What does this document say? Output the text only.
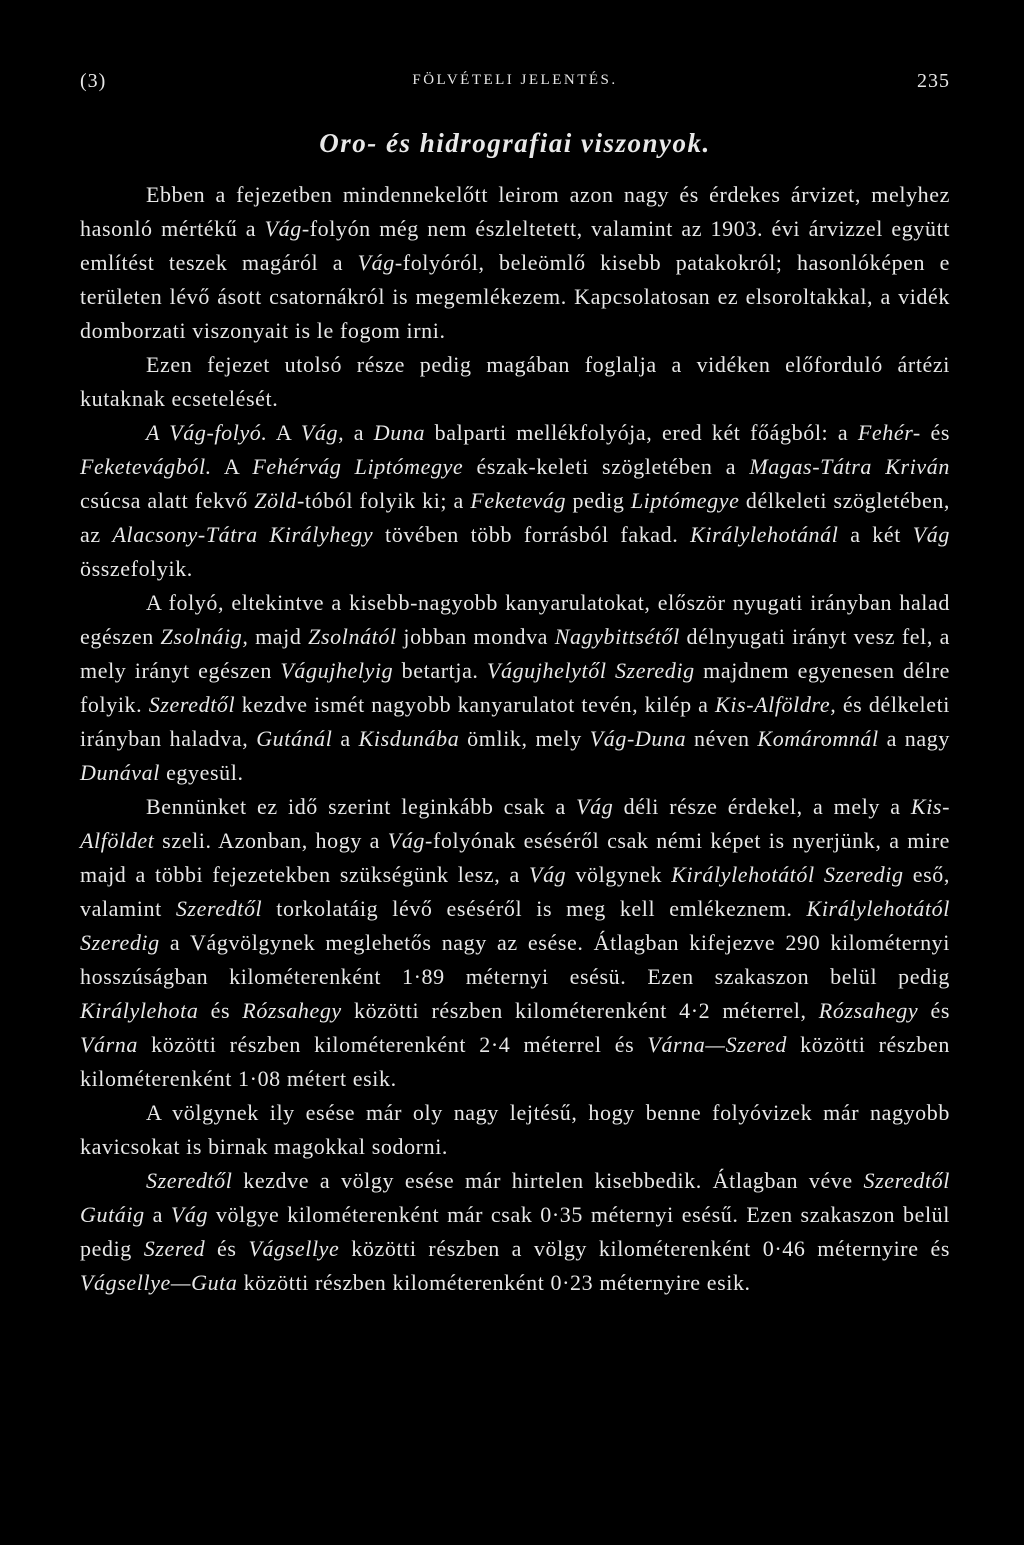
(3)	FÖLVÉTELI JELENTÉS.	235
Oro- és hidrografiai viszonyok.

Ebben a fejezetben mindennekelőtt leirom azon nagy és érdekes árvizet, melyhez hasonló mértékű a Vág-folyón még nem észleltetett, valamint az 1903. évi árvizzel együtt említést teszek magáról a Vág-folyóról, beleömlő kisebb patakokról; hasonlóképen e területen lévő ásott csatornákról is megemlékezem. Kapcsolatosan ez elsoroltakkal, a vidék domborzati viszonyait is le fogom irni.

Ezen fejezet utolsó része pedig magában foglalja a vidéken előforduló ártézi kutaknak ecsetelését.

A Vág-folyó. A Vág, a Duna balparti mellékfolyója, ered két főágból: a Fehér- és Feketevágból. A Fehérvág Liptómegye észak-keleti szögletében a Magas-Tátra Kriván csúcsa alatt fekvő Zöld-tóból folyik ki; a Feketevág pedig Liptómegye délkeleti szögletében, az Alacsony-Tátra Királyhegy tövében több forrásból fakad. Királylehotánál a két Vág összefolyik.

A folyó, eltekintve a kisebb-nagyobb kanyarulatokat, először nyugati irányban halad egészen Zsolnáig, majd Zsolnától jobban mondva Nagybittsétől délnyugati irányt vesz fel, a mely irányt egészen Vágujhelyig betartja. Vágujhelytől Szeredig majdnem egyenesen délre folyik. Szeredtől kezdve ismét nagyobb kanyarulatot tevén, kilép a Kis-Alföldre, és délkeleti irányban haladva, Gutánál a Kisdunába ömlik, mely Vág-Duna néven Komáromnál a nagy Dunával egyesül.

Bennünket ez idő szerint leginkább csak a Vág déli része érdekel, a mely a Kis-Alföldet szeli. Azonban, hogy a Vág-folyónak eséséről csak némi képet is nyerjünk, a mire majd a többi fejezetekben szükségünk lesz, a Vág völgynek Királylehotától Szeredig eső, valamint Szeredtől torkolatáig lévő eséséről is meg kell emlékeznem. Királylehotától Szeredig a Vágvölgynek meglehetős nagy az esése. Átlagban kifejezve 290 kilométernyi hosszúságban kilométerenként 1·89 méternyi esésü. Ezen szakaszon belül pedig Királylehota és Rózsahegy közötti részben kilométerenként 4·2 méterrel, Rózsahegy és Várna közötti részben kilométerenként 2·4 méterrel és Várna—Szered közötti részben kilométerenként 1·08 métert esik.

A völgynek ily esése már oly nagy lejtésű, hogy benne folyóvizek már nagyobb kavicsokat is birnak magokkal sodorni.

Szeredtől kezdve a völgy esése már hirtelen kisebbedik. Átlagban véve Szeredtől Gutáig a Vág völgye kilométerenként már csak 0·35 méternyi esésű. Ezen szakaszon belül pedig Szered és Vágsellye közötti részben a völgy kilométerenként 0·46 méternyire és Vágsellye—Guta közötti részben kilométerenként 0·23 méternyire esik.
